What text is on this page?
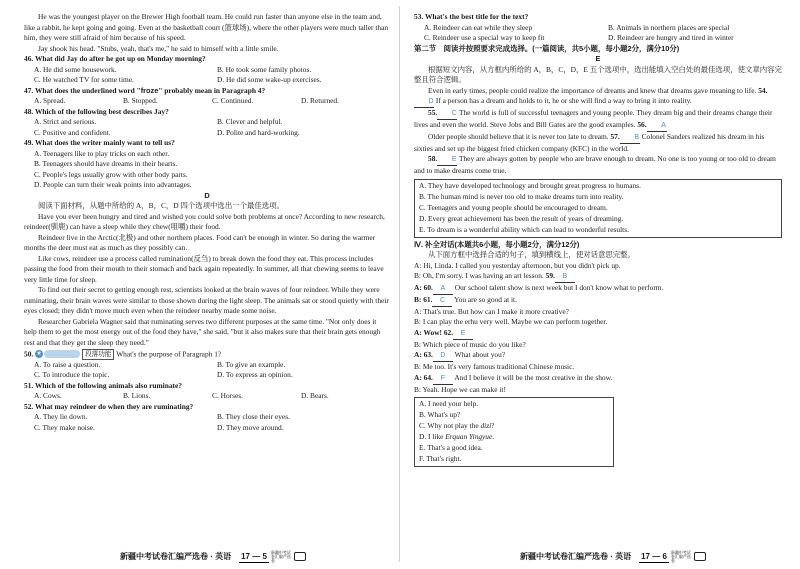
He was the youngest player on the Brewer High football team. He could run faster than anyone else in the team and, like a rabbit, he kept going and going. Even at the basketball court (篮球场), where the other players were much taller than him, they were still afraid of him because of his speed.

Jay shook his head. "Stubs, yeah, that's me," he said to himself with a little smile.

46. What did Jay do after he got up on Monday morning?

A. He did some housework.	B. He took some family photos.
C. He watched TV for some time.	D. He did some wake-up exercises.

47. What does the underlined word "froze" probably mean in Paragraph 4?

A. Spread.	B. Stopped.	C. Continued.	D. Returned.

48. Which of the following best describes Jay?

A. Strict and serious.	B. Clever and helpful.
C. Positive and confident.	D. Polite and hard-working.

49. What does the writer mainly want to tell us?

A. Teenagers like to play tricks on each other.

B. Teenagers should have dreams in their hearts.

C. People's legs usually grow with other body parts.

D. People can turn their weak points into advantages.

D

阅读下面材料，从题中所给的 A，B，C，D 四个选项中选出一个最佳选项。

Have you ever been hungry and tired and wished you could solve both problems at once? According to new research, reindeer(驯鹿) can have a sleep while they chew(咀嚼) their food.

Reindeer live in the Arctic(北极) and other northern places. Food can't be enough in winter. So during the warmer months the deer must eat as much as they possibly can.

Like cows, reindeer use a process called rumination(反刍) to break down the food they eat. This process includes passing the food from their mouth to their stomach and back again repeatedly. In summer, all that chewing seems to leave very little time for sleep.

To find out their secret to getting enough rest, scientists looked at the brain waves of four reindeer. While they were ruminating, their brain waves were similar to those shown during the light sleep. The animals sat or stood quietly with their eyes closed; they didn't move much even when the reindeer nearby made some noise.

Researcher Gabriela Wagner said that ruminating serves two different purposes at the same time. "Not only does it help them to get the most energy out of the food they have," she said, "but it also makes sure that their brain gets enough rest and that they get the sleep they need."

50. ★	段落功能 What's the purpose of Paragraph 1?

A. To raise a question.	B. To give an example.
C. To introduce the topic.	D. To express an opinion.

51. Which of the following animals also ruminate?

A. Cows.	B. Lions.	C. Horses.	D. Bears.

52. What may reindeer do when they are ruminating?

A. They lie down.	B. They close their eyes.
C. They make noise.	D. They move around.
新疆中考试卷汇编严选卷 · 英语 17 — 5	新疆中考试卷汇编严选卷

53. What's the best title for the text?

A. Reindeer can eat while they sleep	B. Animals in northern places are special
C. Reindeer use a special way to keep fit	D. Reindeer are hungry and tired in winter

第二节　阅读并按照要求完成选择。(一篇阅读，共5小题，每小题2分，满分10分)

E

根据短文内容，从方框内所给的 A，B，C，D，E 五个选项中，选出能填入空白处的最佳选项，使文章内容完整且符合逻辑。

Even in early times, people could realize the importance of dreams and knew that dreams gave meaning to life. 54.D If a person has a dream and holds to it, he or she will find a way to bring it into reality.

55. C The world is full of successful teenagers and young people. They dream big and their dreams change their lives and even the world. Steve Jobs and Bill Gates are the good examples. 56. A

Older people should believe that it is never too late to dream. 57. B Colonel Sanders realized his dream in his sixties and set up the biggest fried chicken company (KFC) in the world.

58. E They are always gotten by people who are brave enough to dream. No one is too young or too old to dream and to make dreams come true.

A. They have developed technology and brought great progress to humans.

B. The human mind is never too old to make dreams turn into reality.

C. Teenagers and young people should be encouraged to dream.

D. Every great achievement has been the result of years of dreaming.

E. To dream is a wonderful ability which can lead to wonderful results.

Ⅳ. 补全对话(本题共6小题，每小题2分，满分12分)

从下面方框中选择合适的句子，填到横线上，使对话意思完整。

A: Hi, Linda. I called you yesterday afternoon, but you didn't pick up.

B: Oh, I'm sorry. I was having an art lesson. 59. B

A: 60. A Our school talent show is next week but I don't know what to perform.

B: 61. C You are so good at it.

A: That's true. But how can I make it more creative?

B: I can play the erhu very well. Maybe we can perform together.

A: Wow! 62. E

B: Which piece of music do you like?

A: 63. D What about you?

B: Me too. It's very famous traditional Chinese music.

A: 64. F And I believe it will be the most creative in the show.

B: Yeah. Hope we can make it!

A. I need your help.

B. What's up?

C. Why not play the dizi?

D. I like Erquan Yingyue.

E. That's a good idea.

F. That's right.

新疆中考试卷汇编严选卷 · 英语 17 — 6	新疆中考试卷汇编严选卷
